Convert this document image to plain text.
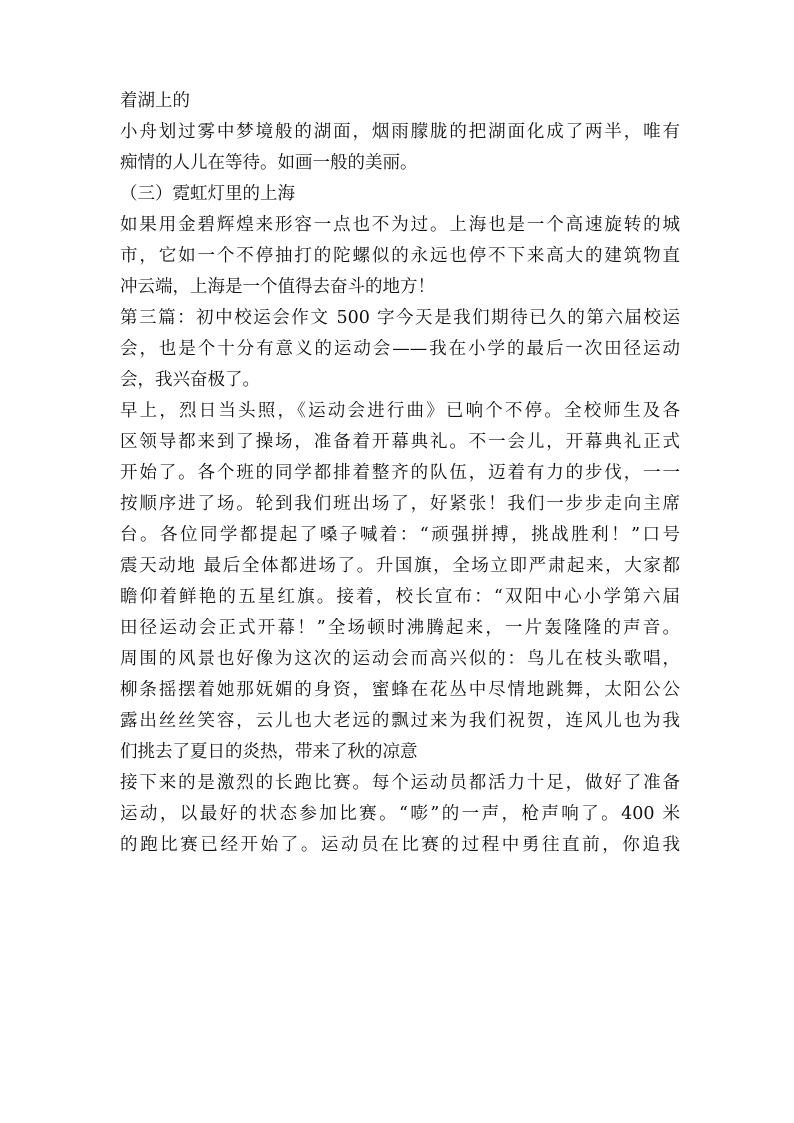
着湖上的
小舟划过雾中梦境般的湖面，烟雨朦胧的把湖面化成了两半，唯有
痴情的人儿在等待。如画一般的美丽。
（三）霓虹灯里的上海
如果用金碧辉煌来形容一点也不为过。上海也是一个高速旋转的城
市，它如一个不停抽打的陀螺似的永远也停不下来高大的建筑物直
冲云端，上海是一个值得去奋斗的地方！
第三篇：初中校运会作文 500 字今天是我们期待已久的第六届校运
会，也是个十分有意义的运动会——我在小学的最后一次田径运动
会，我兴奋极了。
早上，烈日当头照，《运动会进行曲》已响个不停。全校师生及各
区领导都来到了操场，准备着开幕典礼。不一会儿，开幕典礼正式
开始了。各个班的同学都排着整齐的队伍，迈着有力的步伐，一一
按顺序进了场。轮到我们班出场了，好紧张！我们一步步走向主席
台。各位同学都提起了嗓子喊着：“顽强拼搏，挑战胜利！”口号
震天动地 最后全体都进场了。升国旗，全场立即严肃起来，大家都
瞻仰着鲜艳的五星红旗。接着，校长宣布：“双阳中心小学第六届
田径运动会正式开幕！”全场顿时沸腾起来，一片轰隆隆的声音。
周围的风景也好像为这次的运动会而高兴似的：鸟儿在枝头歌唱，
柳条摇摆着她那妩媚的身资，蜜蜂在花丛中尽情地跳舞，太阳公公
露出丝丝笑容，云儿也大老远的飘过来为我们祝贺，连风儿也为我
们挑去了夏日的炎热，带来了秋的凉意
接下来的是激烈的长跑比赛。每个运动员都活力十足，做好了准备
运动，以最好的状态参加比赛。“嘭”的一声，枪声响了。400 米
的跑比赛已经开始了。运动员在比赛的过程中勇往直前，你追我
